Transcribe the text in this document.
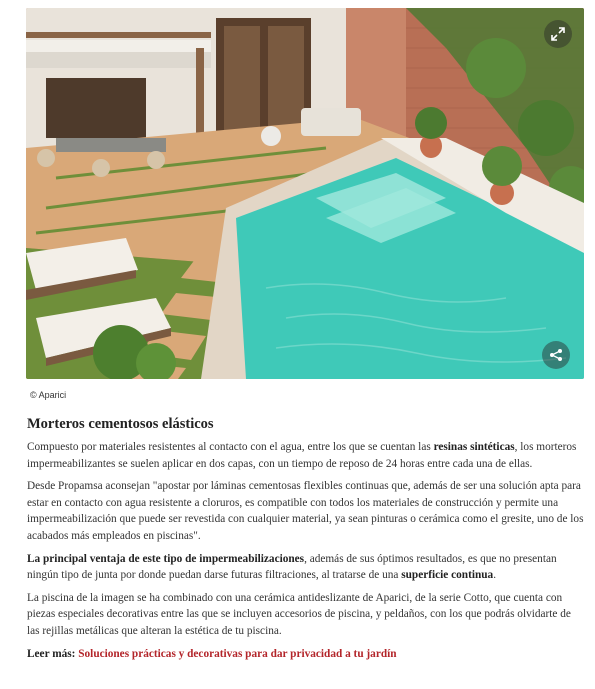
© Aparici
Morteros cementosos elásticos

Compuesto por materiales resistentes al contacto con el agua, entre los que se cuentan las resinas sintéticas, los morteros impermeabilizantes se suelen aplicar en dos capas, con un tiempo de reposo de 24 horas entre cada una de ellas.

Desde Propamsa aconsejan "apostar por láminas cementosas flexibles continuas que, además de ser una solución apta para estar en contacto con agua resistente a cloruros, es compatible con todos los materiales de construcción y permite una impermeabilización que puede ser revestida con cualquier material, ya sean pinturas o cerámica como el gresite, uno de los acabados más empleados en piscinas".

La principal ventaja de este tipo de impermeabilizaciones, además de sus óptimos resultados, es que no presentan ningún tipo de junta por donde puedan darse futuras filtraciones, al tratarse de una superficie continua.

La piscina de la imagen se ha combinado con una cerámica antideslizante de Aparici, de la serie Cotto, que cuenta con piezas especiales decorativas entre las que se incluyen accesorios de piscina, y peldaños, con los que podrás olvidarte de las rejillas metálicas que alteran la estética de tu piscina.

Leer más: Soluciones prácticas y decorativas para dar privacidad a tu jardín
